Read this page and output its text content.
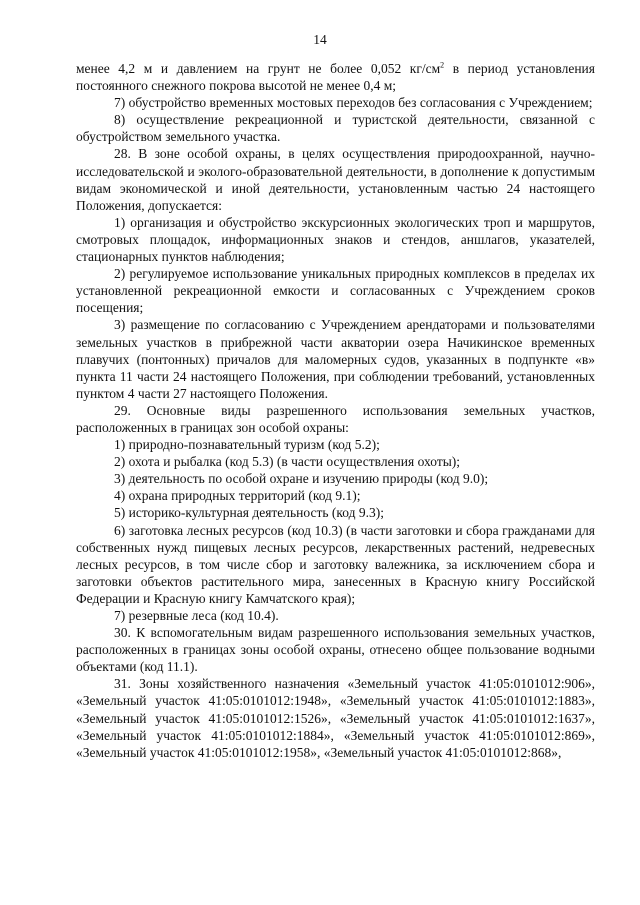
14

менее 4,2 м и давлением на грунт не более 0,052 $кг/см^2$ в период установления постоянного снежного покрова высотой не менее 0,4 м;

7) обустройство временных мостовых переходов без согласования с Учреждением;

8) осуществление рекреационной и туристской деятельности, связанной с обустройством земельного участка.

28. В зоне особой охраны, в целях осуществления природоохранной, научно-исследовательской и эколого-образовательной деятельности, в дополнение к допустимым видам экономической и иной деятельности, установленным частью 24 настоящего Положения, допускается:

1) организация и обустройство экскурсионных экологических троп и маршрутов, смотровых площадок, информационных знаков и стендов, аншлагов, указателей, стационарных пунктов наблюдения;

2) регулируемое использование уникальных природных комплексов в пределах их установленной рекреационной емкости и согласованных с Учреждением сроков посещения;

3) размещение по согласованию с Учреждением арендаторами и пользователями земельных участков в прибрежной части акватории озера Начикинское временных плавучих (понтонных) причалов для маломерных судов, указанных в подпункте «в» пункта 11 части 24 настоящего Положения, при соблюдении требований, установленных пунктом 4 части 27 настоящего Положения.

29. Основные виды разрешенного использования земельных участков, расположенных в границах зон особой охраны:

1) природно-познавательный туризм (код 5.2);

2) охота и рыбалка (код 5.3) (в части осуществления охоты);

3) деятельность по особой охране и изучению природы (код 9.0);

4) охрана природных территорий (код 9.1);

5) историко-культурная деятельность (код 9.3);

6) заготовка лесных ресурсов (код 10.3) (в части заготовки и сбора гражданами для собственных нужд пищевых лесных ресурсов, лекарственных растений, недревесных лесных ресурсов, в том числе сбор и заготовку валежника, за исключением сбора и заготовки объектов растительного мира, занесенных в Красную книгу Российской Федерации и Красную книгу Камчатского края);

7) резервные леса (код 10.4).

30. К вспомогательным видам разрешенного использования земельных участков, расположенных в границах зоны особой охраны, отнесено общее пользование водными объектами (код 11.1).

31. Зоны хозяйственного назначения «Земельный участок 41:05:0101012:906», «Земельный участок 41:05:0101012:1948», «Земельный участок 41:05:0101012:1883», «Земельный участок 41:05:0101012:1526», «Земельный участок 41:05:0101012:1637», «Земельный участок 41:05:0101012:1884», «Земельный участок 41:05:0101012:869», «Земельный участок 41:05:0101012:1958», «Земельный участок 41:05:0101012:868»,
